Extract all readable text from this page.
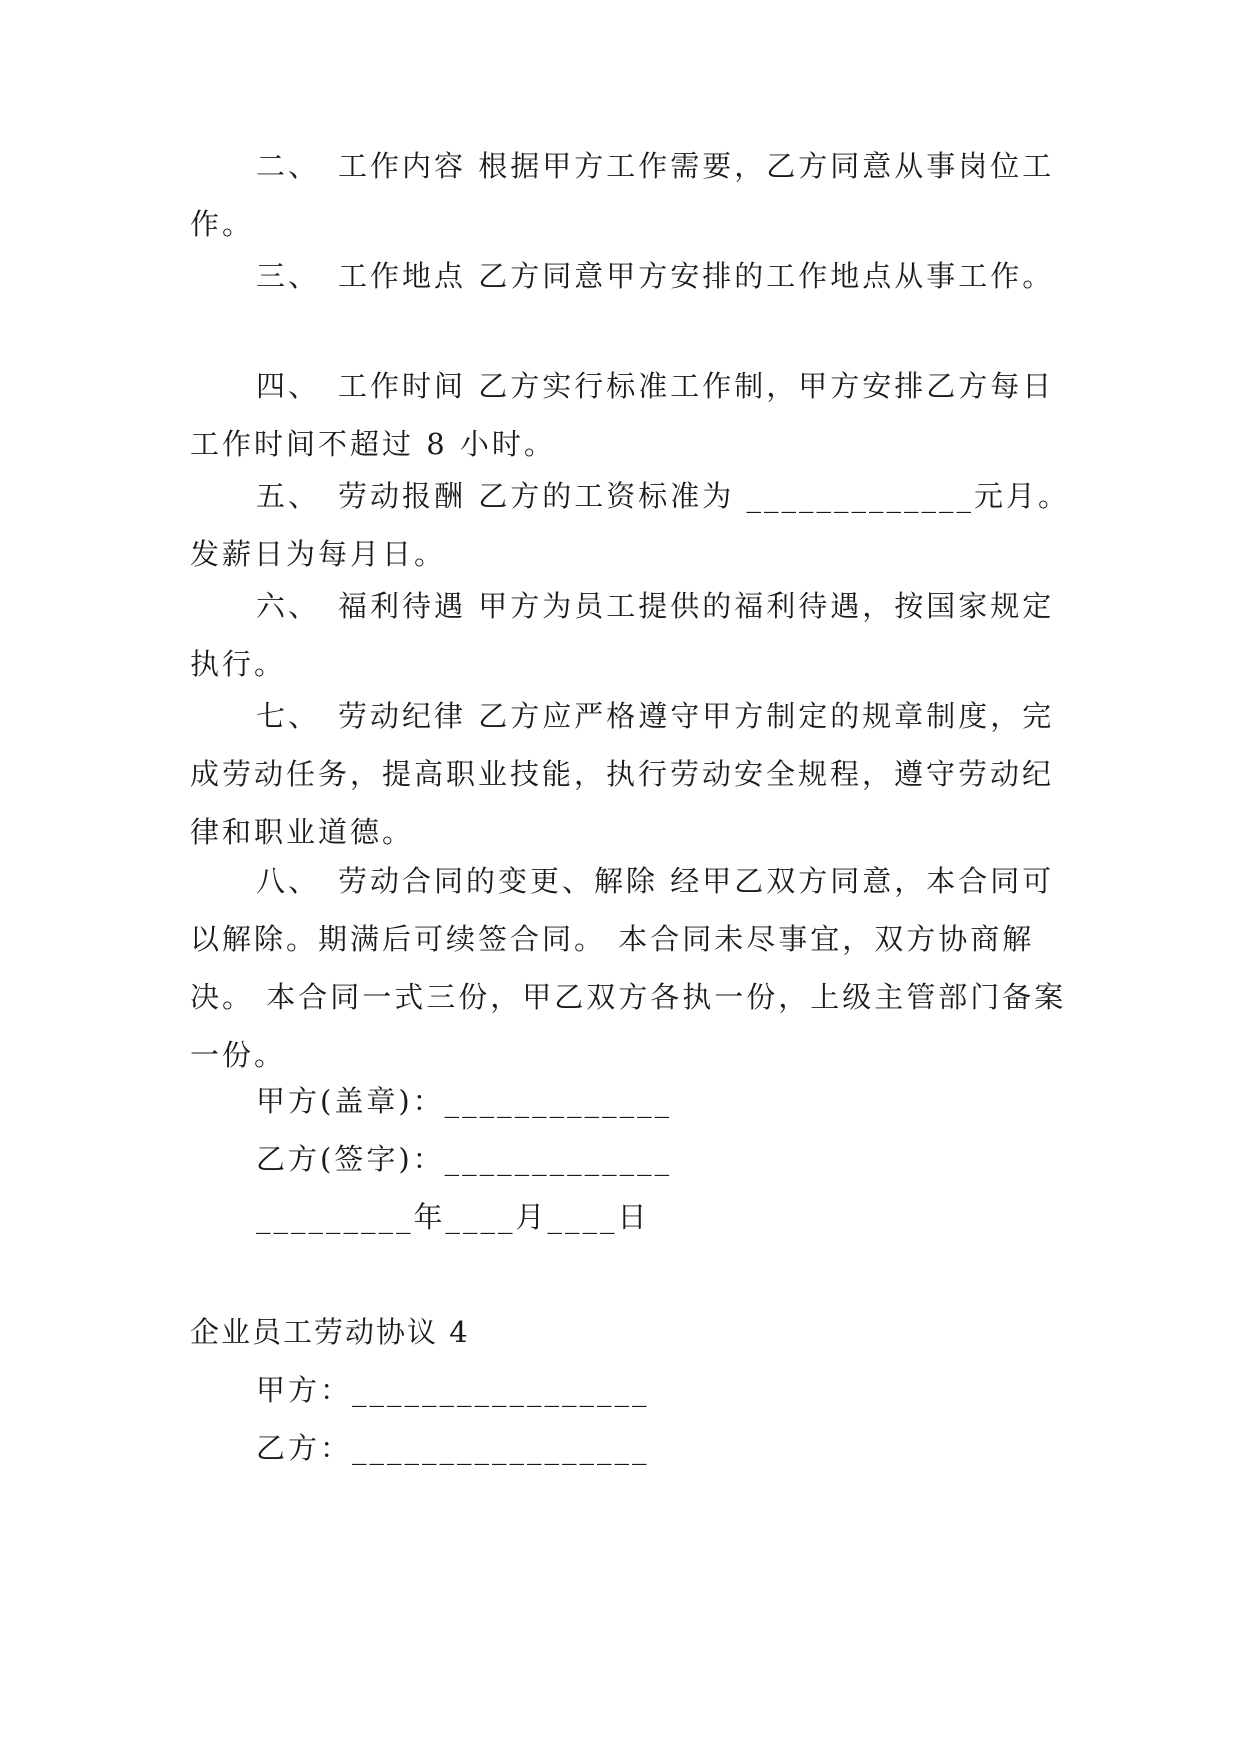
二、 工作内容 根据甲方工作需要，乙方同意从事岗位工作。

三、 工作地点 乙方同意甲方安排的工作地点从事工作。

四、 工作时间 乙方实行标准工作制，甲方安排乙方每日工作时间不超过 8 小时。

五、 劳动报酬 乙方的工资标准为 _____________元月。发薪日为每月日。

六、 福利待遇 甲方为员工提供的福利待遇，按国家规定执行。

七、 劳动纪律 乙方应严格遵守甲方制定的规章制度，完成劳动任务，提高职业技能，执行劳动安全规程，遵守劳动纪律和职业道德。

八、 劳动合同的变更、解除 经甲乙双方同意，本合同可以解除。期满后可续签合同。 本合同未尽事宜，双方协商解决。 本合同一式三份，甲乙双方各执一份，上级主管部门备案一份。

甲方(盖章)：_____________

乙方(签字)：_____________

_________年____月____日

企业员工劳动协议 4

甲方：_________________

乙方：_________________
